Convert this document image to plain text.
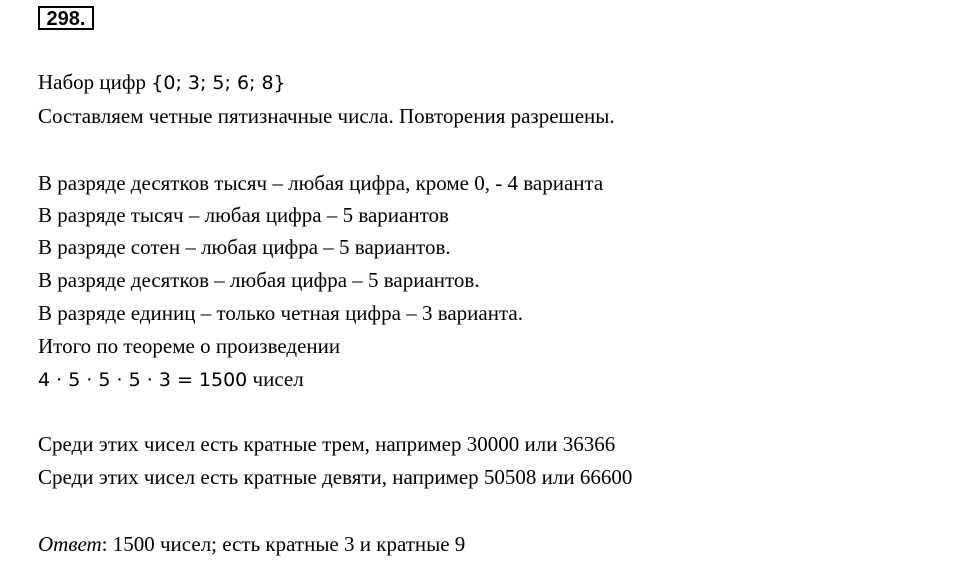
298.
Набор цифр {0; 3; 5; 6; 8}
Составляем четные пятизначные числа. Повторения разрешены.
В разряде десятков тысяч – любая цифра, кроме 0, - 4 варианта
В разряде тысяч – любая цифра – 5 вариантов
В разряде сотен – любая цифра – 5 вариантов.
В разряде десятков – любая цифра – 5 вариантов.
В разряде единиц – только четная цифра – 3 варианта.
Итого по теореме о произведении
4 · 5 · 5 · 5 · 3 = 1500 чисел
Среди этих чисел есть кратные трем, например 30000 или 36366
Среди этих чисел есть кратные девяти, например 50508 или 66600
Ответ: 1500 чисел; есть кратные 3 и кратные 9
